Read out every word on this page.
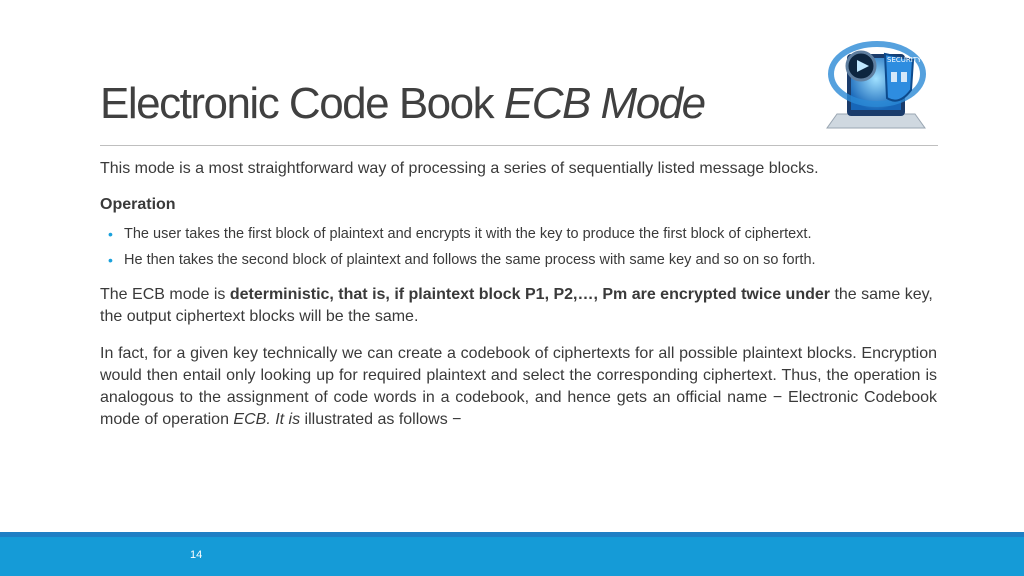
Electronic Code Book ECB Mode
SECURITY
This mode is a most straightforward way of processing a series of sequentially listed message blocks.
Operation
• The user takes the first block of plaintext and encrypts it with the key to produce the first block of ciphertext.
• He then takes the second block of plaintext and follows the same process with same key and so on so forth.
The ECB mode is deterministic, that is, if plaintext block P1, P2,…, Pm are encrypted twice under the same key, the output ciphertext blocks will be the same.
In fact, for a given key technically we can create a codebook of ciphertexts for all possible plaintext blocks. Encryption would then entail only looking up for required plaintext and select the corresponding ciphertext. Thus, the operation is analogous to the assignment of code words in a codebook, and hence gets an official name − Electronic Codebook mode of operation ECB. It is illustrated as follows −
14
